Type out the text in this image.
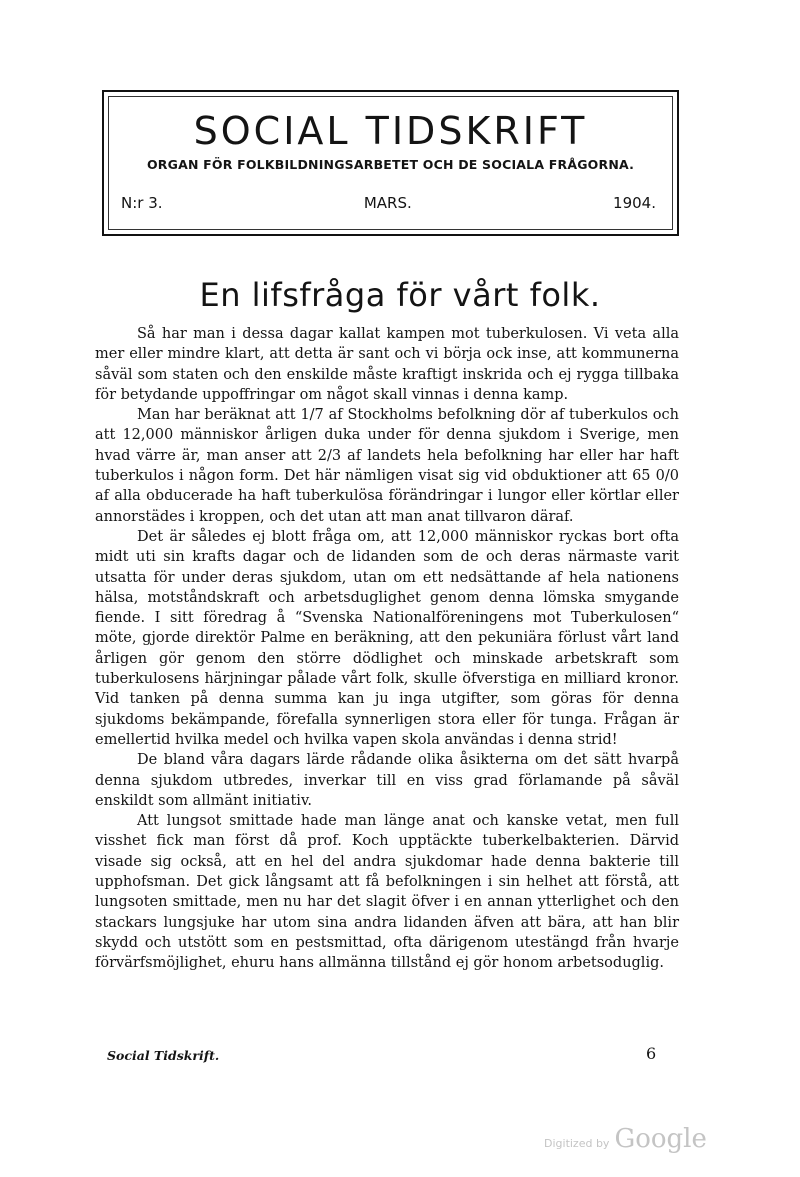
SOCIAL TIDSKRIFT
ORGAN FÖR FOLKBILDNINGSARBETET OCH DE SOCIALA FRÅGORNA.
N:r 3.	MARS.	1904.
En lifsfråga för vårt folk.

Så har man i dessa dagar kallat kampen mot tuberkulosen. Vi veta alla mer eller mindre klart, att detta är sant och vi börja ock inse, att kommunerna såväl som staten och den enskilde måste kraftigt inskrida och ej rygga tillbaka för betydande uppoffringar om något skall vinnas i denna kamp.

Man har beräknat att 1/7 af Stockholms befolkning dör af tuberkulos och att 12,000 människor årligen duka under för denna sjukdom i Sverige, men hvad värre är, man anser att 2/3 af landets hela befolkning har eller har haft tuberkulos i någon form. Det här nämligen visat sig vid obduktioner att 65 0/0 af alla obducerade ha haft tuberkulösa förändringar i lungor eller körtlar eller annorstädes i kroppen, och det utan att man anat tillvaron däraf.

Det är således ej blott fråga om, att 12,000 människor ryckas bort ofta midt uti sin krafts dagar och de lidanden som de och deras närmaste varit utsatta för under deras sjukdom, utan om ett nedsättande af hela nationens hälsa, motståndskraft och arbetsduglighet genom denna lömska smygande fiende. I sitt föredrag å “Svenska Nationalföreningens mot Tuberkulosen“ möte, gjorde direktör Palme en beräkning, att den pekuniära förlust vårt land årligen gör genom den större dödlighet och minskade arbetskraft som tuberkulosens härjningar pålade vårt folk, skulle öfverstiga en milliard kronor. Vid tanken på denna summa kan ju inga utgifter, som göras för denna sjukdoms bekämpande, förefalla synnerligen stora eller för tunga. Frågan är emellertid hvilka medel och hvilka vapen skola användas i denna strid!

De bland våra dagars lärde rådande olika åsikterna om det sätt hvarpå denna sjukdom utbredes, inverkar till en viss grad förlamande på såväl enskildt som allmänt initiativ.

Att lungsot smittade hade man länge anat och kanske vetat, men full visshet fick man först då prof. Koch upptäckte tuberkelbakterien. Därvid visade sig också, att en hel del andra sjukdomar hade denna bakterie till upphofsman. Det gick långsamt att få befolkningen i sin helhet att förstå, att lungsoten smittade, men nu har det slagit öfver i en annan ytterlighet och den stackars lungsjuke har utom sina andra lidanden äfven att bära, att han blir skydd och utstött som en pestsmittad, ofta därigenom utestängd från hvarje förvärfsmöjlighet, ehuru hans allmänna tillstånd ej gör honom arbetsoduglig.

Social Tidskrift.	6
Digitized by Google
